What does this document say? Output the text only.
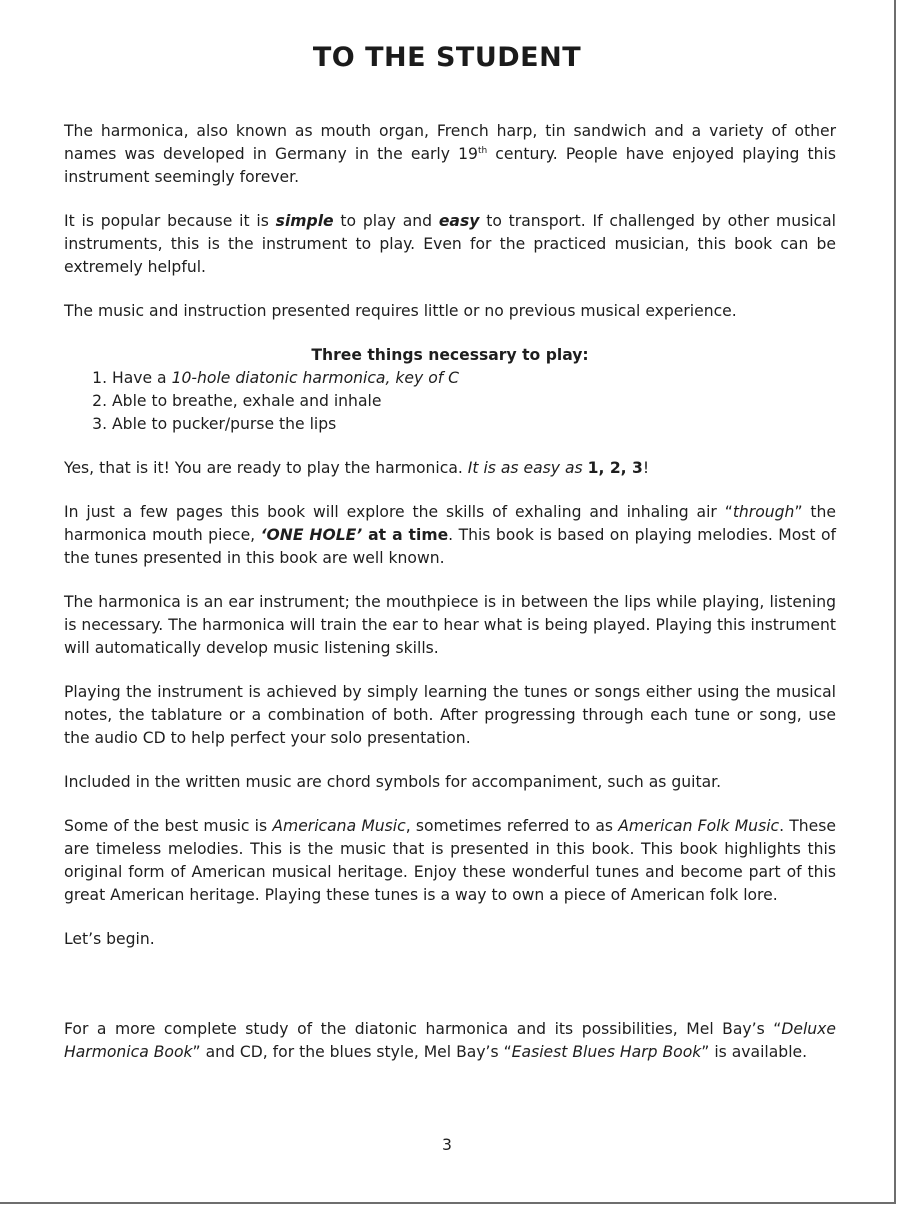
TO THE STUDENT

The harmonica, also known as mouth organ, French harp, tin sandwich and a variety of other names was developed in Germany in the early 19th century. People have enjoyed playing this instrument seemingly forever.

It is popular because it is simple to play and easy to transport. If challenged by other musical instruments, this is the instrument to play. Even for the practiced musician, this book can be extremely helpful.

The music and instruction presented requires little or no previous musical experience.

Three things necessary to play:
1. Have a 10-hole diatonic harmonica, key of C
2. Able to breathe, exhale and inhale
3. Able to pucker/purse the lips

Yes, that is it! You are ready to play the harmonica. It is as easy as 1, 2, 3!

In just a few pages this book will explore the skills of exhaling and inhaling air “through” the harmonica mouth piece, ‘ONE HOLE’ at a time. This book is based on playing melodies. Most of the tunes presented in this book are well known.

The harmonica is an ear instrument; the mouthpiece is in between the lips while playing, listening is necessary. The harmonica will train the ear to hear what is being played. Playing this instrument will automatically develop music listening skills.

Playing the instrument is achieved by simply learning the tunes or songs either using the musical notes, the tablature or a combination of both. After progressing through each tune or song, use the audio CD to help perfect your solo presentation.

Included in the written music are chord symbols for accompaniment, such as guitar.

Some of the best music is Americana Music, sometimes referred to as American Folk Music. These are timeless melodies. This is the music that is presented in this book. This book highlights this original form of American musical heritage. Enjoy these wonderful tunes and become part of this great American heritage. Playing these tunes is a way to own a piece of American folk lore.

Let’s begin.

For a more complete study of the diatonic harmonica and its possibilities, Mel Bay’s “Deluxe Harmonica Book” and CD, for the blues style, Mel Bay’s “Easiest Blues Harp Book” is available.

3
